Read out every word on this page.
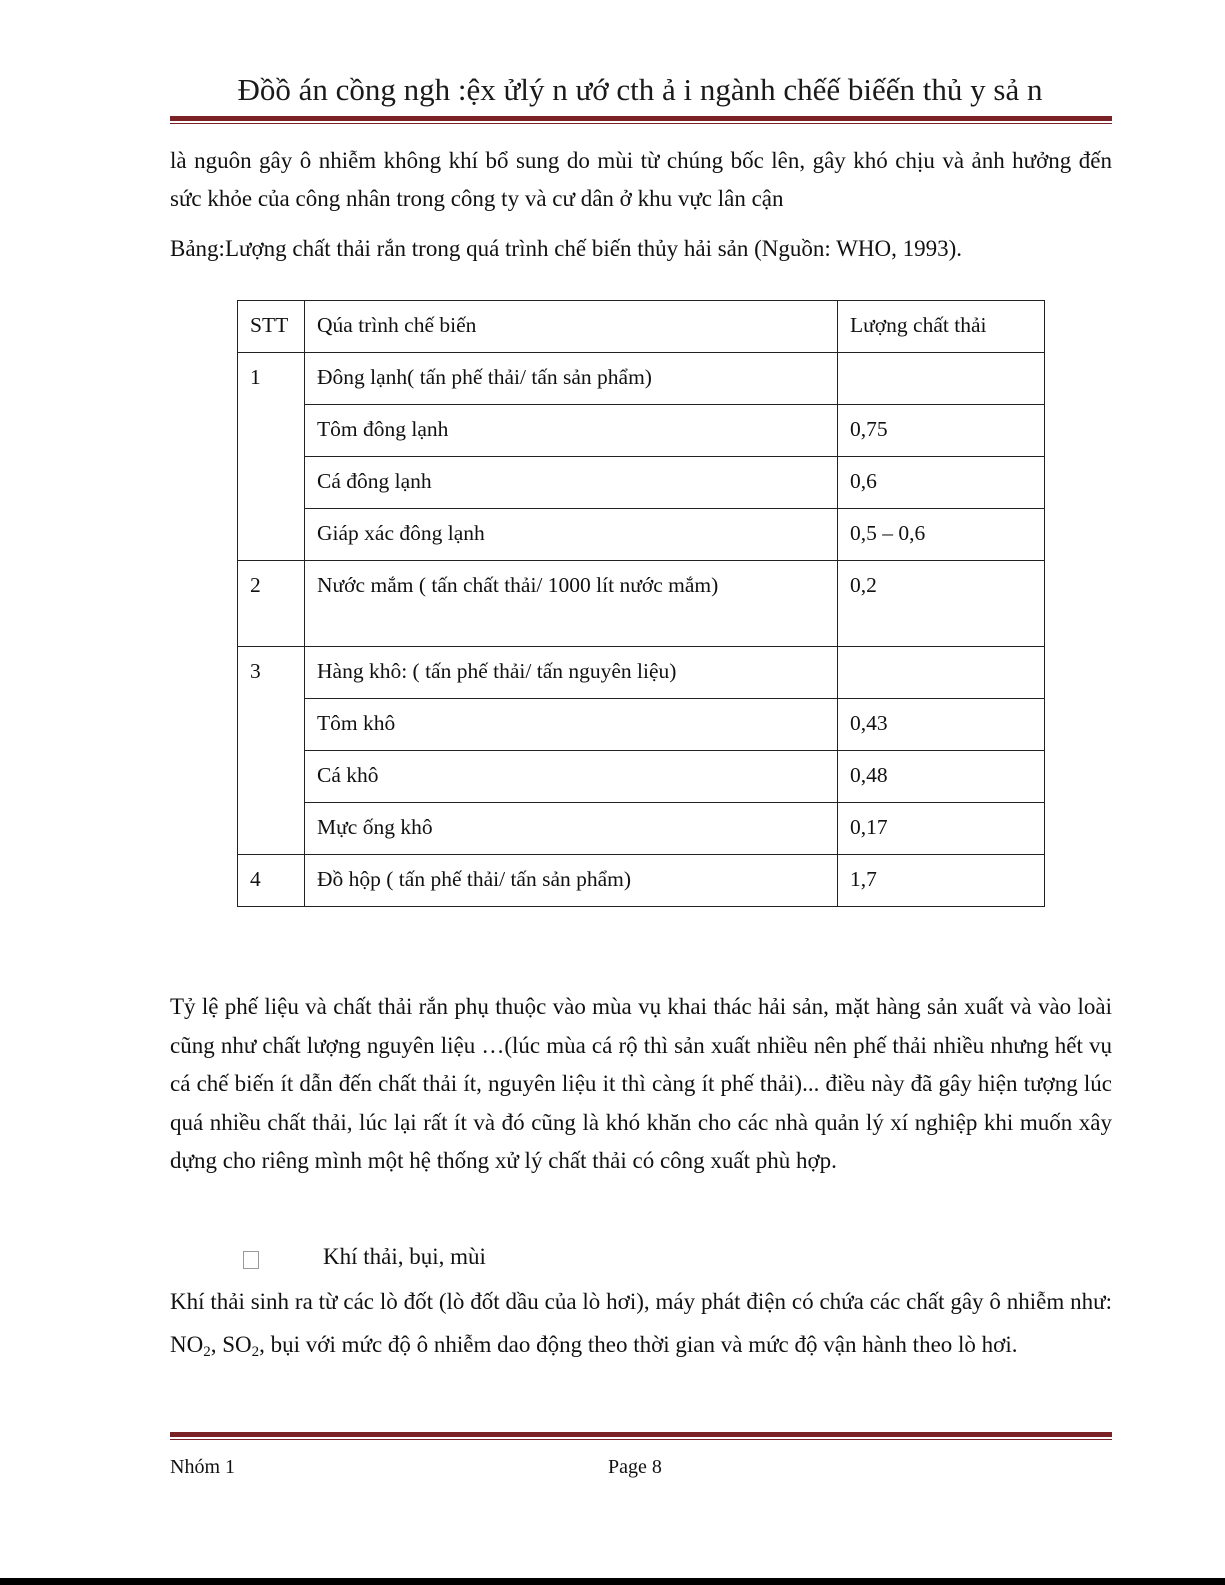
Đồồ án cồng ngh :ệx ửlý n ướ cth ả i ngành chếế biếến thủ y sả n

là nguôn gây ô nhiễm không khí bổ sung do mùi từ chúng bốc lên, gây khó chịu và ảnh hưởng đến sức khỏe của công nhân trong công ty và cư dân ở khu vực lân cận

Bảng:Lượng chất thải rắn trong quá trình chế biến thủy hải sản (Nguồn: WHO, 1993).

STT	Qúa trình chế biến	Lượng chất thải
1	Đông lạnh( tấn phế thải/ tấn sản phẩm)	
	Tôm đông lạnh	0,75
	Cá đông lạnh	0,6
	Giáp xác đông lạnh	0,5 – 0,6
2	Nước mắm ( tấn chất thải/ 1000 lít nước mắm)	0,2
3	Hàng khô: ( tấn phế thải/ tấn nguyên liệu)	
	Tôm khô	0,43
	Cá khô	0,48
	Mực ống khô	0,17
4	Đồ hộp ( tấn phế thải/ tấn sản phẩm)	1,7

Tỷ lệ phế liệu và chất thải rắn phụ thuộc vào mùa vụ khai thác hải sản, mặt hàng sản xuất và vào loài cũng như chất lượng nguyên liệu …(lúc mùa cá rộ thì sản xuất nhiều nên phế thải nhiều nhưng hết vụ cá chế biến ít dẫn đến chất thải ít, nguyên liệu it thì càng ít phế thải)... điều này đã gây hiện tượng lúc quá nhiều chất thải, lúc lại rất ít và đó cũng là khó khăn cho các nhà quản lý xí nghiệp khi muốn xây dựng cho riêng mình một hệ thống xử lý chất thải có công xuất phù hợp.

Khí thải, bụi, mùi

Khí thải sinh ra từ các lò đốt (lò đốt dầu của lò hơi), máy phát điện có chứa các chất gây ô nhiễm như: $NO_2$, $SO_2$, bụi với mức độ ô nhiễm dao động theo thời gian và mức độ vận hành theo lò hơi.

Nhóm 1	Page 8
